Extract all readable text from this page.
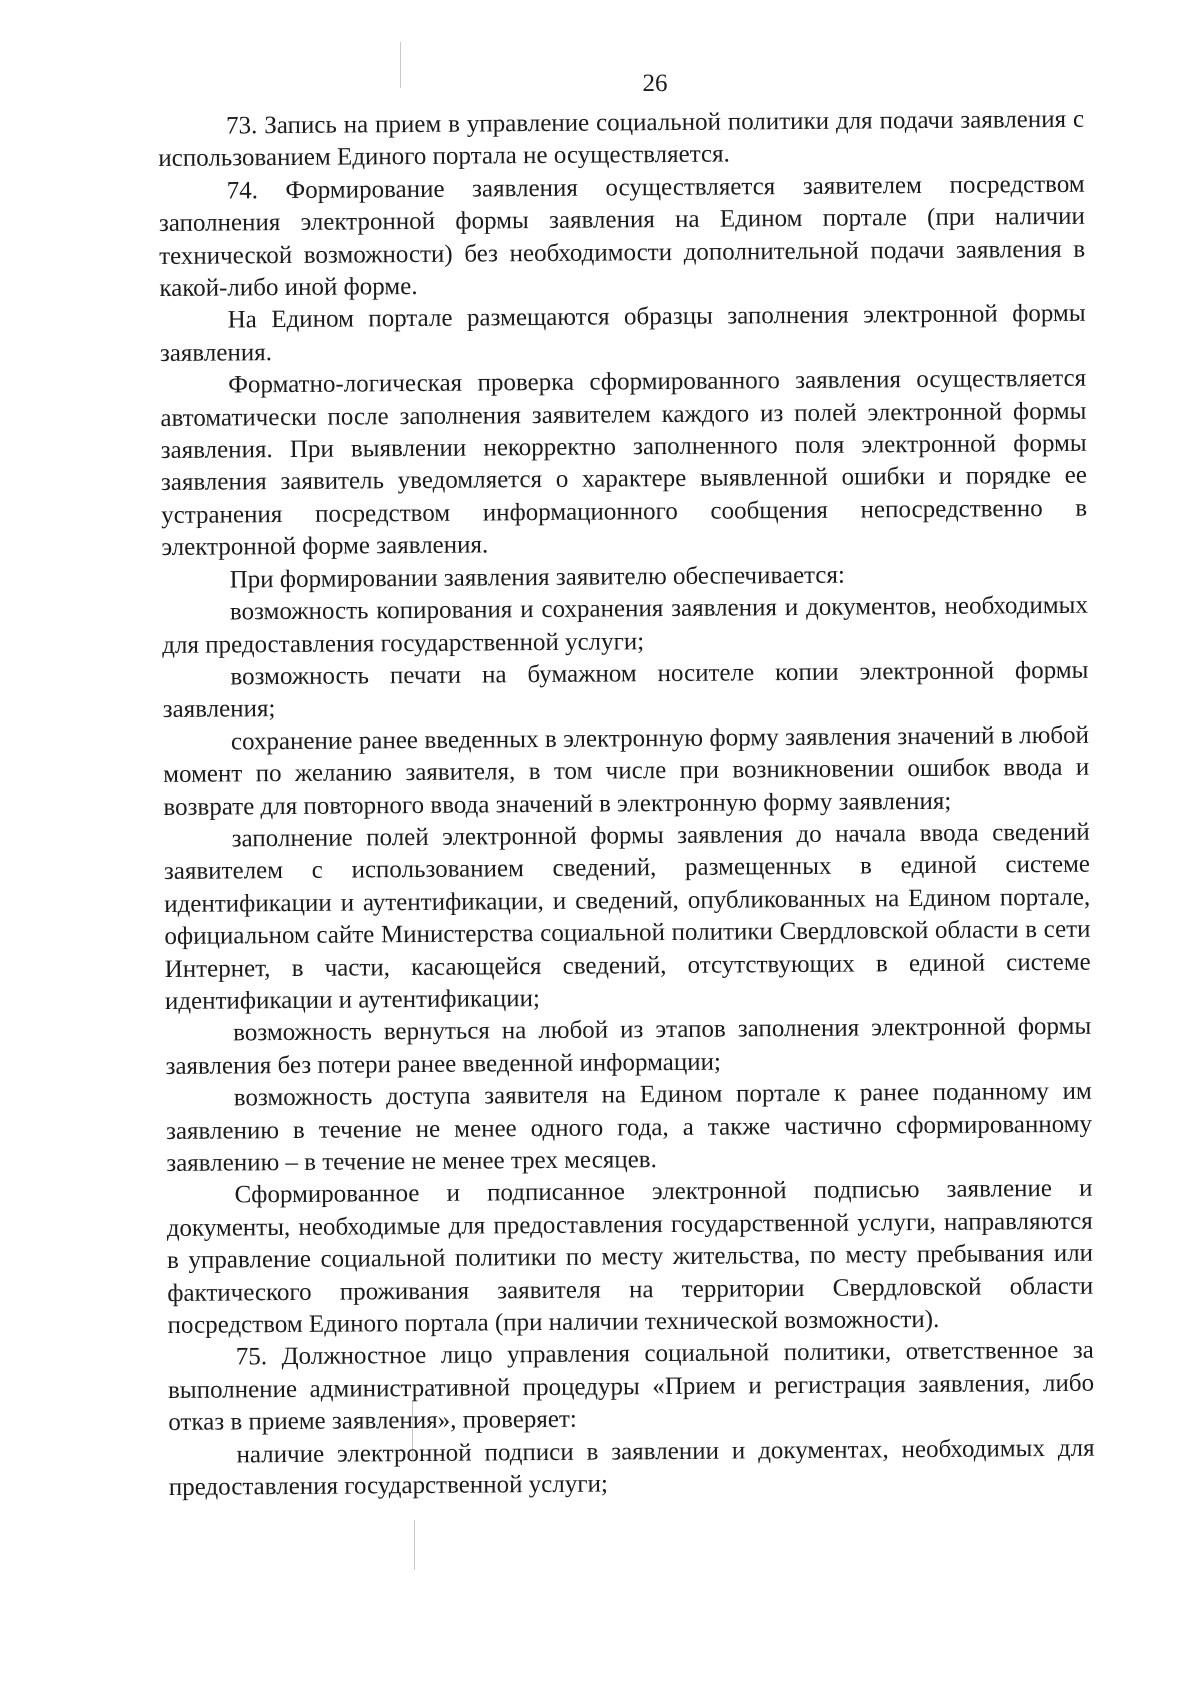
26

73. Запись на прием в управление социальной политики для подачи заявления с использованием Единого портала не осуществляется.

74. Формирование заявления осуществляется заявителем посредством заполнения электронной формы заявления на Едином портале (при наличии технической возможности) без необходимости дополнительной подачи заявления в какой-либо иной форме.

На Едином портале размещаются образцы заполнения электронной формы заявления.

Форматно-логическая проверка сформированного заявления осуществляется автоматически после заполнения заявителем каждого из полей электронной формы заявления. При выявлении некорректно заполненного поля электронной формы заявления заявитель уведомляется о характере выявленной ошибки и порядке ее устранения посредством информационного сообщения непосредственно в электронной форме заявления.

При формировании заявления заявителю обеспечивается:

возможность копирования и сохранения заявления и документов, необходимых для предоставления государственной услуги;

возможность печати на бумажном носителе копии электронной формы заявления;

сохранение ранее введенных в электронную форму заявления значений в любой момент по желанию заявителя, в том числе при возникновении ошибок ввода и возврате для повторного ввода значений в электронную форму заявления;

заполнение полей электронной формы заявления до начала ввода сведений заявителем с использованием сведений, размещенных в единой системе идентификации и аутентификации, и сведений, опубликованных на Едином портале, официальном сайте Министерства социальной политики Свердловской области в сети Интернет, в части, касающейся сведений, отсутствующих в единой системе идентификации и аутентификации;

возможность вернуться на любой из этапов заполнения электронной формы заявления без потери ранее введенной информации;

возможность доступа заявителя на Едином портале к ранее поданному им заявлению в течение не менее одного года, а также частично сформированному заявлению – в течение не менее трех месяцев.

Сформированное и подписанное электронной подписью заявление и документы, необходимые для предоставления государственной услуги, направляются в управление социальной политики по месту жительства, по месту пребывания или фактического проживания заявителя на территории Свердловской области посредством Единого портала (при наличии технической возможности).

75. Должностное лицо управления социальной политики, ответственное за выполнение административной процедуры «Прием и регистрация заявления, либо отказ в приеме заявления», проверяет:

наличие электронной подписи в заявлении и документах, необходимых для предоставления государственной услуги;
